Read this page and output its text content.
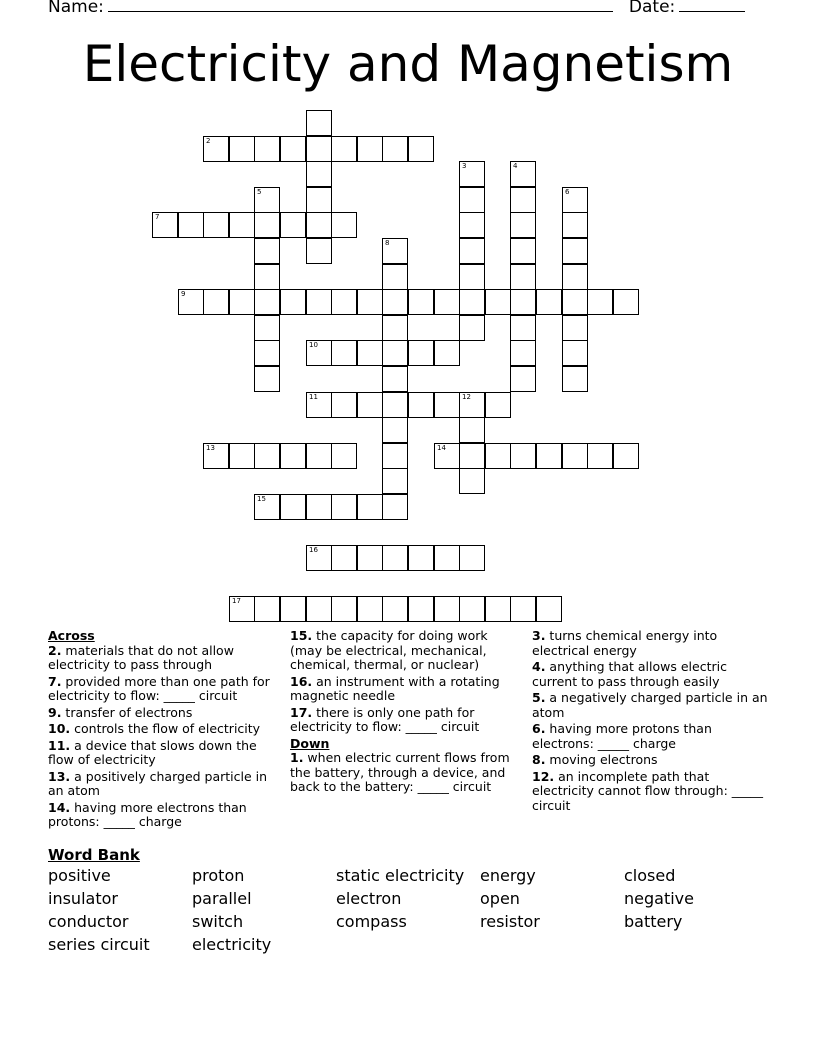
Name:	Date:
Electricity and Magnetism
2
7
9
10
11	12
13	14
15
16
17
3	4
5	6
8
Across
2. materials that do not allow electricity to pass through
7. provided more than one path for electricity to flow: _____ circuit
9. transfer of electrons
10. controls the flow of electricity
11. a device that slows down the flow of electricity
13. a positively charged particle in an atom
14. having more electrons than protons: _____ charge
15. the capacity for doing work (may be electrical, mechanical, chemical, thermal, or nuclear)
16. an instrument with a rotating magnetic needle
17. there is only one path for electricity to flow: _____ circuit
Down
1. when electric current flows from the battery, through a device, and back to the battery: _____ circuit
3. turns chemical energy into electrical energy
4. anything that allows electric current to pass through easily
5. a negatively charged particle in an atom
6. having more protons than electrons: _____ charge
8. moving electrons
12. an incomplete path that electricity cannot flow through: _____ circuit
Word Bank
positive	proton	static electricity energy	closed
insulator	parallel	electron	open	negative
conductor	switch	compass	resistor	battery
series circuit	electricity
